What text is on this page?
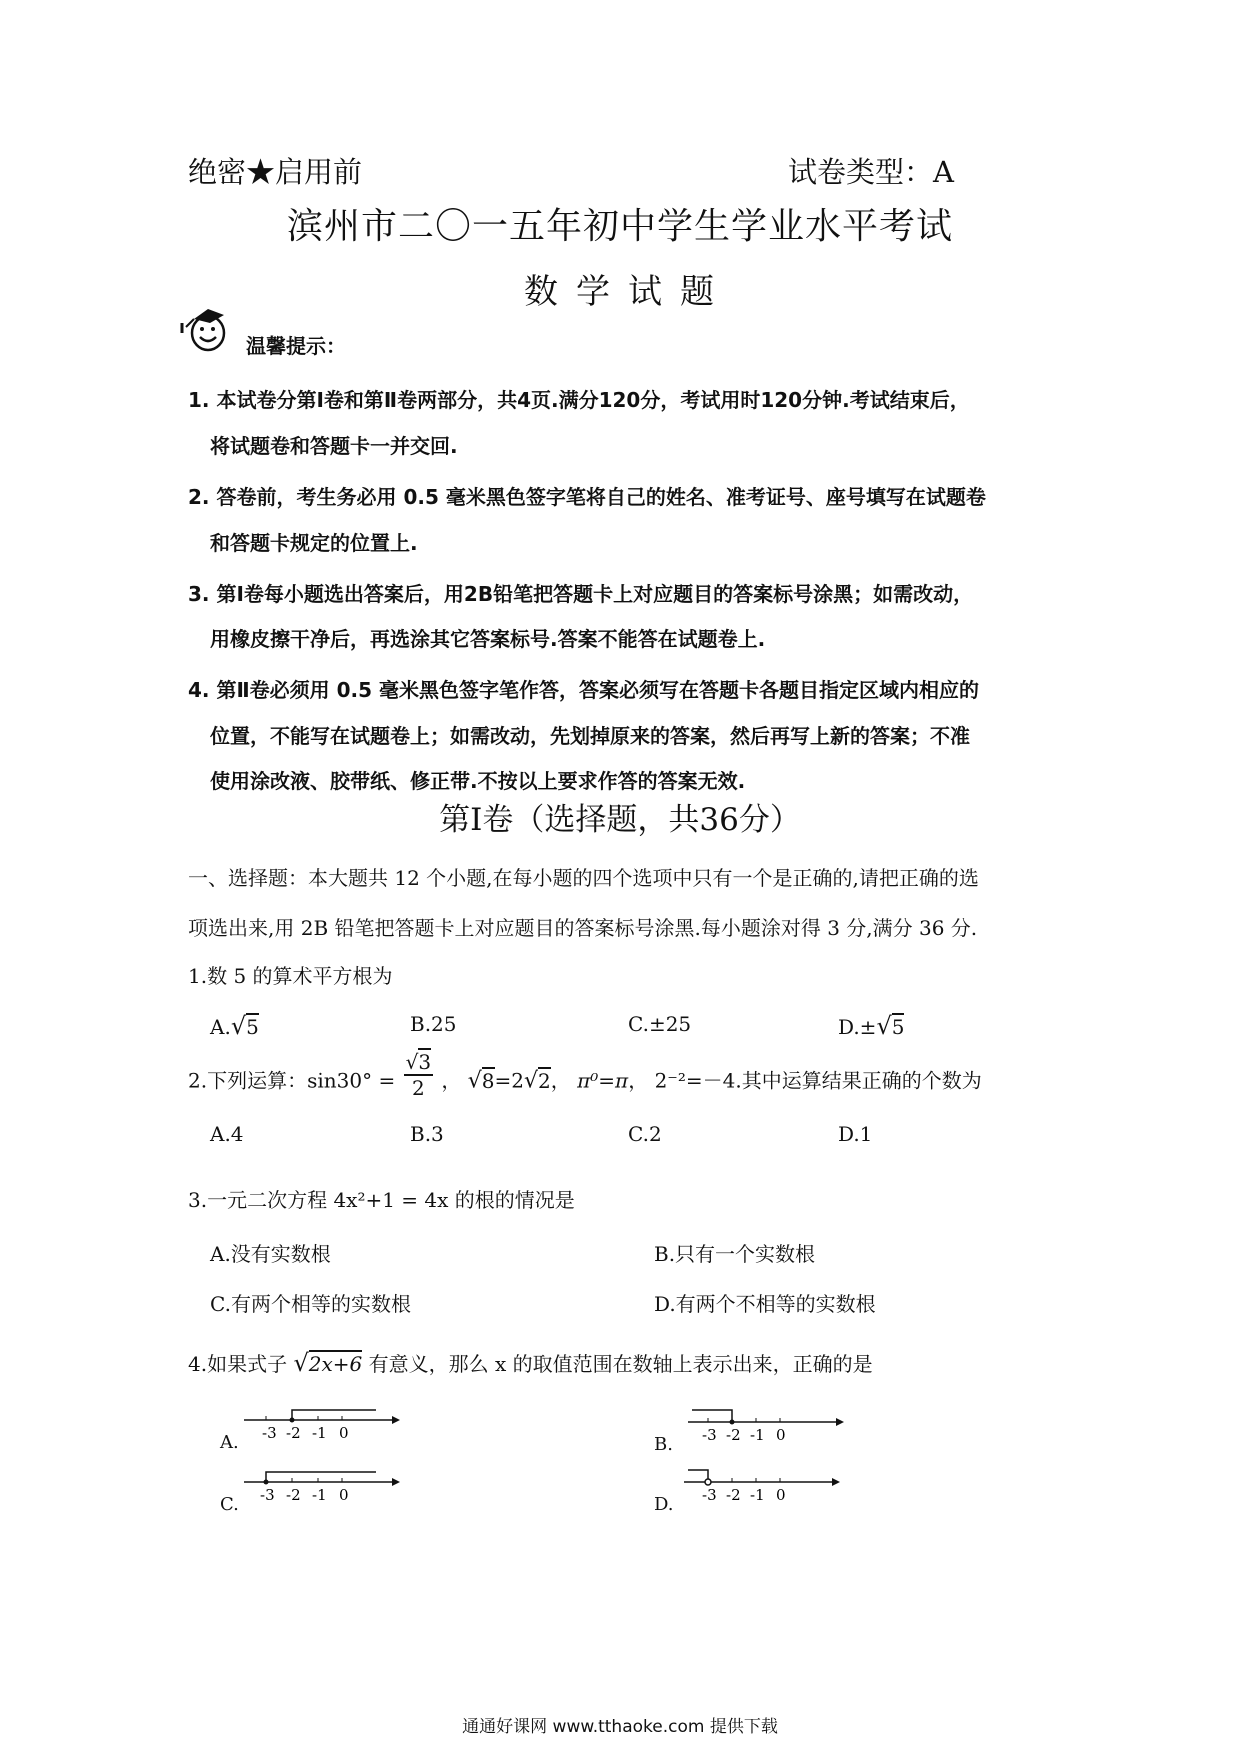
绝密★启用前	试卷类型：A
滨州市二〇一五年初中学生学业水平考试
数学试题
温馨提示：
1. 本试卷分第Ⅰ卷和第Ⅱ卷两部分，共4页.满分120分，考试用时120分钟.考试结束后，
将试题卷和答题卡一并交回.
2. 答卷前，考生务必用 0.5 毫米黑色签字笔将自己的姓名、准考证号、座号填写在试题卷
和答题卡规定的位置上.
3. 第Ⅰ卷每小题选出答案后，用2B铅笔把答题卡上对应题目的答案标号涂黑；如需改动，
用橡皮擦干净后，再选涂其它答案标号.答案不能答在试题卷上.
4. 第Ⅱ卷必须用 0.5 毫米黑色签字笔作答，答案必须写在答题卡各题目指定区域内相应的
位置，不能写在试题卷上；如需改动，先划掉原来的答案，然后再写上新的答案；不准
使用涂改液、胶带纸、修正带.不按以上要求作答的答案无效.
第Ⅰ卷（选择题，共36分）
一、选择题：本大题共 12 个小题,在每小题的四个选项中只有一个是正确的,请把正确的选
项选出来,用 2B 铅笔把答题卡上对应题目的答案标号涂黑.每小题涂对得 3 分,满分 36 分.
1.数 5 的算术平方根为
A.√5	B.25	C.±25	D.±√5
2.下列运算：$\sin 30^\circ = \frac{√3}{2}$ ， √8=2√2， π⁰=π， 2⁻²=－4.其中运算结果正确的个数为
A.4	B.3	C.2	D.1
3.一元二次方程 4x²+1 = 4x 的根的情况是
A.没有实数根	B.只有一个实数根
C.有两个相等的实数根	D.有两个不相等的实数根
4.如果式子 √2x+6 有意义，那么 x 的取值范围在数轴上表示出来，正确的是
A. -3 -2 -1 0
B. -3 -2 -1 0
C. -3 -2 -1 0	D. -3 -2 -1 0
通通好课网 www.tthaoke.com 提供下载
